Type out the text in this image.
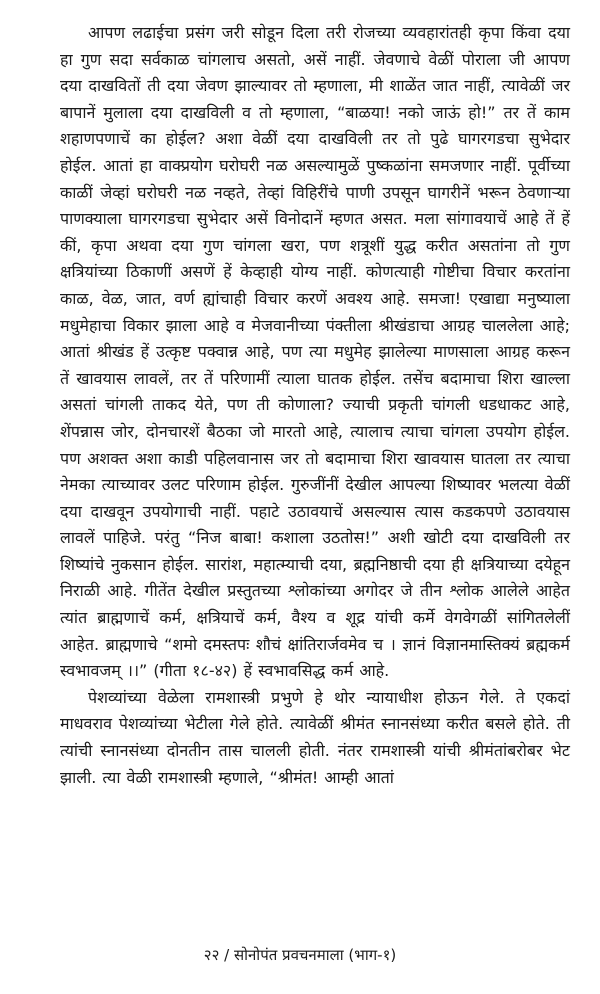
आपण लढाईचा प्रसंग जरी सोडून दिला तरी रोजच्या व्यवहारांतही कृपा किंवा दया हा गुण सदा सर्वकाळ चांगलाच असतो, असें नाहीं. जेवणाचे वेळीं पोराला जी आपण दया दाखवितों ती दया जेवण झाल्यावर तो म्हणाला, मी शाळेंत जात नाहीं, त्यावेळीं जर बापानें मुलाला दया दाखविली व तो म्हणाला, “बाळया! नको जाऊं हो!” तर तें काम शहाणपणाचें का होईल? अशा वेळीं दया दाखविली तर तो पुढे घागरगडचा सुभेदार होईल. आतां हा वाक्प्रयोग घरोघरी नळ असल्यामुळें पुष्कळांना समजणार नाहीं. पूर्वीच्या काळीं जेव्हां घरोघरी नळ नव्हते, तेव्हां विहिरींचे पाणी उपसून घागरीनें भरून ठेवणाऱ्या पाणक्याला घागरगडचा सुभेदार असें विनोदानें म्हणत असत. मला सांगावयाचें आहे तें हें कीं, कृपा अथवा दया गुण चांगला खरा, पण शत्रूशीं युद्ध करीत असतांना तो गुण क्षत्रियांच्या ठिकाणीं असणें हें केव्हाही योग्य नाहीं. कोणत्याही गोष्टीचा विचार करतांना काळ, वेळ, जात, वर्ण ह्यांचाही विचार करणें अवश्य आहे. समजा! एखाद्या मनुष्याला मधुमेहाचा विकार झाला आहे व मेजवानीच्या पंक्तीला श्रीखंडाचा आग्रह चाललेला आहे; आतां श्रीखंड हें उत्कृष्ट पक्वान्न आहे, पण त्या मधुमेह झालेल्या माणसाला आग्रह करून तें खावयास लावलें, तर तें परिणामीं त्याला घातक होईल. तसेंच बदामाचा शिरा खाल्ला असतां चांगली ताकद येते, पण ती कोणाला? ज्याची प्रकृती चांगली धडधाकट आहे, शेंपन्नास जोर, दोनचारशें बैठका जो मारतो आहे, त्यालाच त्याचा चांगला उपयोग होईल. पण अशक्त अशा काडी पहिलवानास जर तो बदामाचा शिरा खावयास घातला तर त्याचा नेमका त्याच्यावर उलट परिणाम होईल. गुरुजींनीं देखील आपल्या शिष्यावर भलत्या वेळीं दया दाखवून उपयोगाची नाहीं. पहाटे उठावयाचें असल्यास त्यास कडकपणे उठावयास लावलें पाहिजे. परंतु “निज बाबा! कशाला उठतोस!” अशी खोटी दया दाखविली तर शिष्यांचे नुकसान होईल. सारांश, महात्म्याची दया, ब्रह्मनिष्ठाची दया ही क्षत्रियाच्या दयेहून निराळी आहे. गीतेंत देखील प्रस्तुतच्या श्लोकांच्या अगोदर जे तीन श्लोक आलेले आहेत त्यांत ब्राह्मणाचें कर्म, क्षत्रियाचें कर्म, वैश्य व शूद्र यांची कर्मे वेगवेगळीं सांगितलेलीं आहेत. ब्राह्मणाचे “शमो दमस्तपः शौचं क्षांतिरार्जवमेव च । ज्ञानं विज्ञानमास्तिक्यं ब्रह्मकर्म स्वभावजम् ।।” (गीता १८-४२) हें स्वभावसिद्ध कर्म आहे.

पेशव्यांच्या वेळेला रामशास्त्री प्रभुणे हे थोर न्यायाधीश होऊन गेले. ते एकदां माधवराव पेशव्यांच्या भेटीला गेले होते. त्यावेळीं श्रीमंत स्नानसंध्या करीत बसले होते. ती त्यांची स्नानसंध्या दोनतीन तास चालली होती. नंतर रामशास्त्री यांची श्रीमंतांबरोबर भेट झाली. त्या वेळी रामशास्त्री म्हणाले, “श्रीमंत! आम्ही आतां

२२ / सोनोपंत प्रवचनमाला (भाग-१)
